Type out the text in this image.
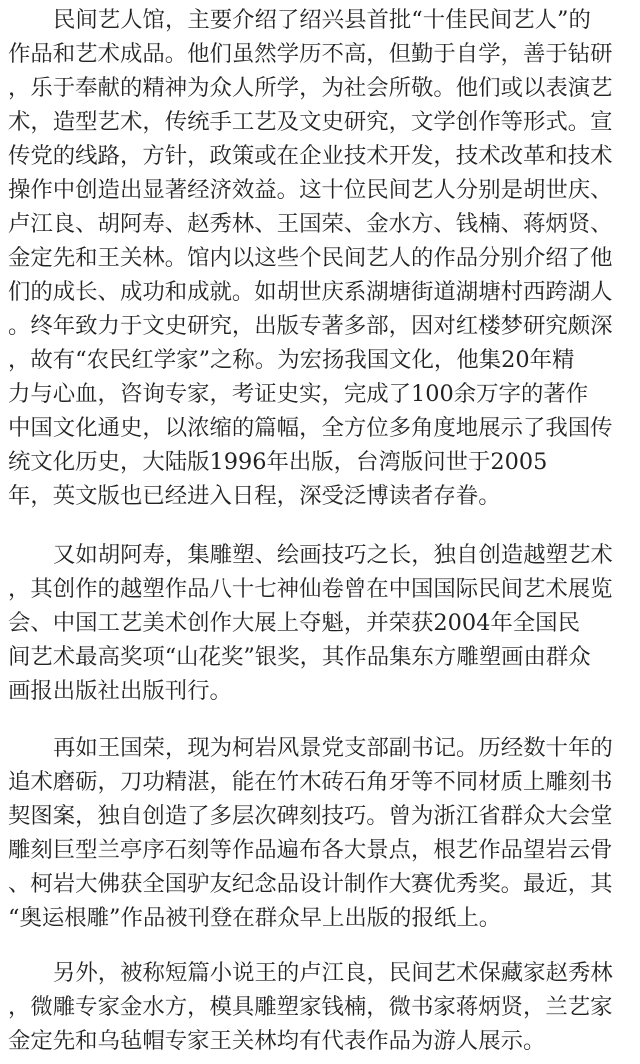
民间艺人馆，主要介绍了绍兴县首批“十佳民间艺人”的
作品和艺术成品。他们虽然学历不高，但勤于自学，善于钻研
，乐于奉献的精神为众人所学，为社会所敬。他们或以表演艺
术，造型艺术，传统手工艺及文史研究，文学创作等形式。宣
传党的线路，方针，政策或在企业技术开发，技术改革和技术
操作中创造出显著经济效益。这十位民间艺人分别是胡世庆、
卢江良、胡阿寿、赵秀林、王国荣、金水方、钱楠、蒋炳贤、
金定先和王关林。馆内以这些个民间艺人的作品分别介绍了他
们的成长、成功和成就。如胡世庆系湖塘街道湖塘村西跨湖人
。终年致力于文史研究，出版专著多部，因对红楼梦研究颇深
，故有“农民红学家”之称。为宏扬我国文化，他集20年精
力与心血，咨询专家，考证史实，完成了100余万字的著作
中国文化通史，以浓缩的篇幅，全方位多角度地展示了我国传
统文化历史，大陆版1996年出版，台湾版问世于2005
年，英文版也已经进入日程，深受泛博读者存眷。
又如胡阿寿，集雕塑、绘画技巧之长，独自创造越塑艺术
，其创作的越塑作品八十七神仙卷曾在中国国际民间艺术展览
会、中国工艺美术创作大展上夺魁，并荣获2004年全国民
间艺术最高奖项“山花奖”银奖，其作品集东方雕塑画由群众
画报出版社出版刊行。
再如王国荣，现为柯岩风景党支部副书记。历经数十年的
追术磨砺，刀功精湛，能在竹木砖石角牙等不同材质上雕刻书
契图案，独自创造了多层次碑刻技巧。曾为浙江省群众大会堂
雕刻巨型兰亭序石刻等作品遍布各大景点，根艺作品望岩云骨
、柯岩大佛获全国驴友纪念品设计制作大赛优秀奖。最近，其
“奥运根雕”作品被刊登在群众早上出版的报纸上。
另外，被称短篇小说王的卢江良，民间艺术保藏家赵秀林
，微雕专家金水方，模具雕塑家钱楠，微书家蒋炳贤，兰艺家
金定先和乌毡帽专家王关林均有代表作品为游人展示。
